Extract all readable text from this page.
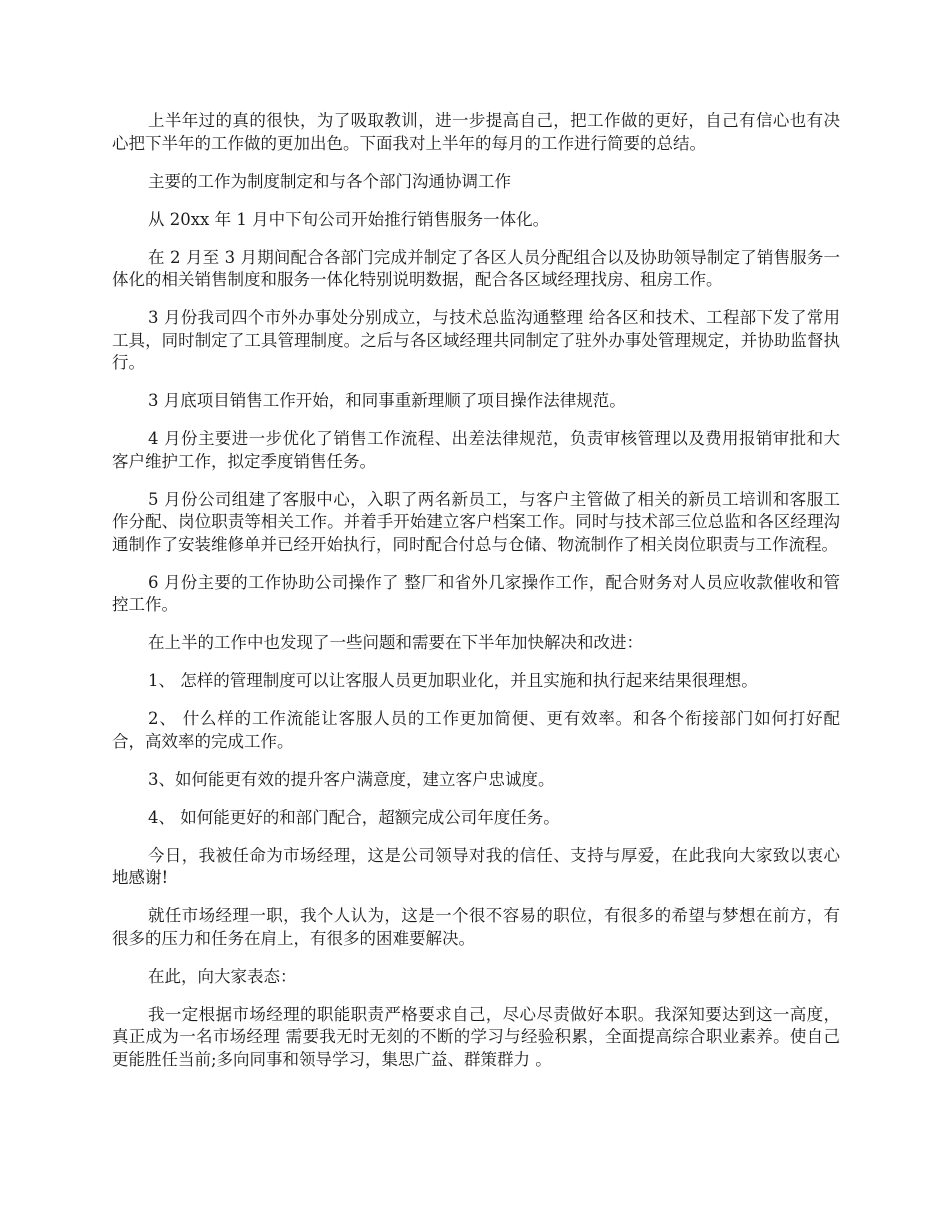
上半年过的真的很快，为了吸取教训，进一步提高自己，把工作做的更好，自己有信心也有决心把下半年的工作做的更加出色。下面我对上半年的每月的工作进行简要的总结。

主要的工作为制度制定和与各个部门沟通协调工作

从 20xx 年 1 月中下旬公司开始推行销售服务一体化。

在 2 月至 3 月期间配合各部门完成并制定了各区人员分配组合以及协助领导制定了销售服务一体化的相关销售制度和服务一体化特别说明数据，配合各区域经理找房、租房工作。

3 月份我司四个市外办事处分别成立，与技术总监沟通整理 给各区和技术、工程部下发了常用工具，同时制定了工具管理制度。之后与各区域经理共同制定了驻外办事处管理规定，并协助监督执行。

3 月底项目销售工作开始，和同事重新理顺了项目操作法律规范。

4 月份主要进一步优化了销售工作流程、出差法律规范，负责审核管理以及费用报销审批和大客户维护工作，拟定季度销售任务。

5 月份公司组建了客服中心，入职了两名新员工，与客户主管做了相关的新员工培训和客服工作分配、岗位职责等相关工作。并着手开始建立客户档案工作。同时与技术部三位总监和各区经理沟通制作了安装维修单并已经开始执行，同时配合付总与仓储、物流制作了相关岗位职责与工作流程。

6 月份主要的工作协助公司操作了 整厂和省外几家操作工作，配合财务对人员应收款催收和管控工作。

在上半的工作中也发现了一些问题和需要在下半年加快解决和改进：

1、 怎样的管理制度可以让客服人员更加职业化，并且实施和执行起来结果很理想。

2、 什么样的工作流能让客服人员的工作更加简便、更有效率。和各个衔接部门如何打好配合，高效率的完成工作。

3、如何能更有效的提升客户满意度，建立客户忠诚度。

4、 如何能更好的和部门配合，超额完成公司年度任务。

今日，我被任命为市场经理，这是公司领导对我的信任、支持与厚爱，在此我向大家致以衷心地感谢!

就任市场经理一职，我个人认为，这是一个很不容易的职位，有很多的希望与梦想在前方，有很多的压力和任务在肩上，有很多的困难要解决。

在此，向大家表态：

我一定根据市场经理的职能职责严格要求自己，尽心尽责做好本职。我深知要达到这一高度，真正成为一名市场经理 需要我无时无刻的不断的学习与经验积累，全面提高综合职业素养。使自己更能胜任当前;多向同事和领导学习，集思广益、群策群力 。
